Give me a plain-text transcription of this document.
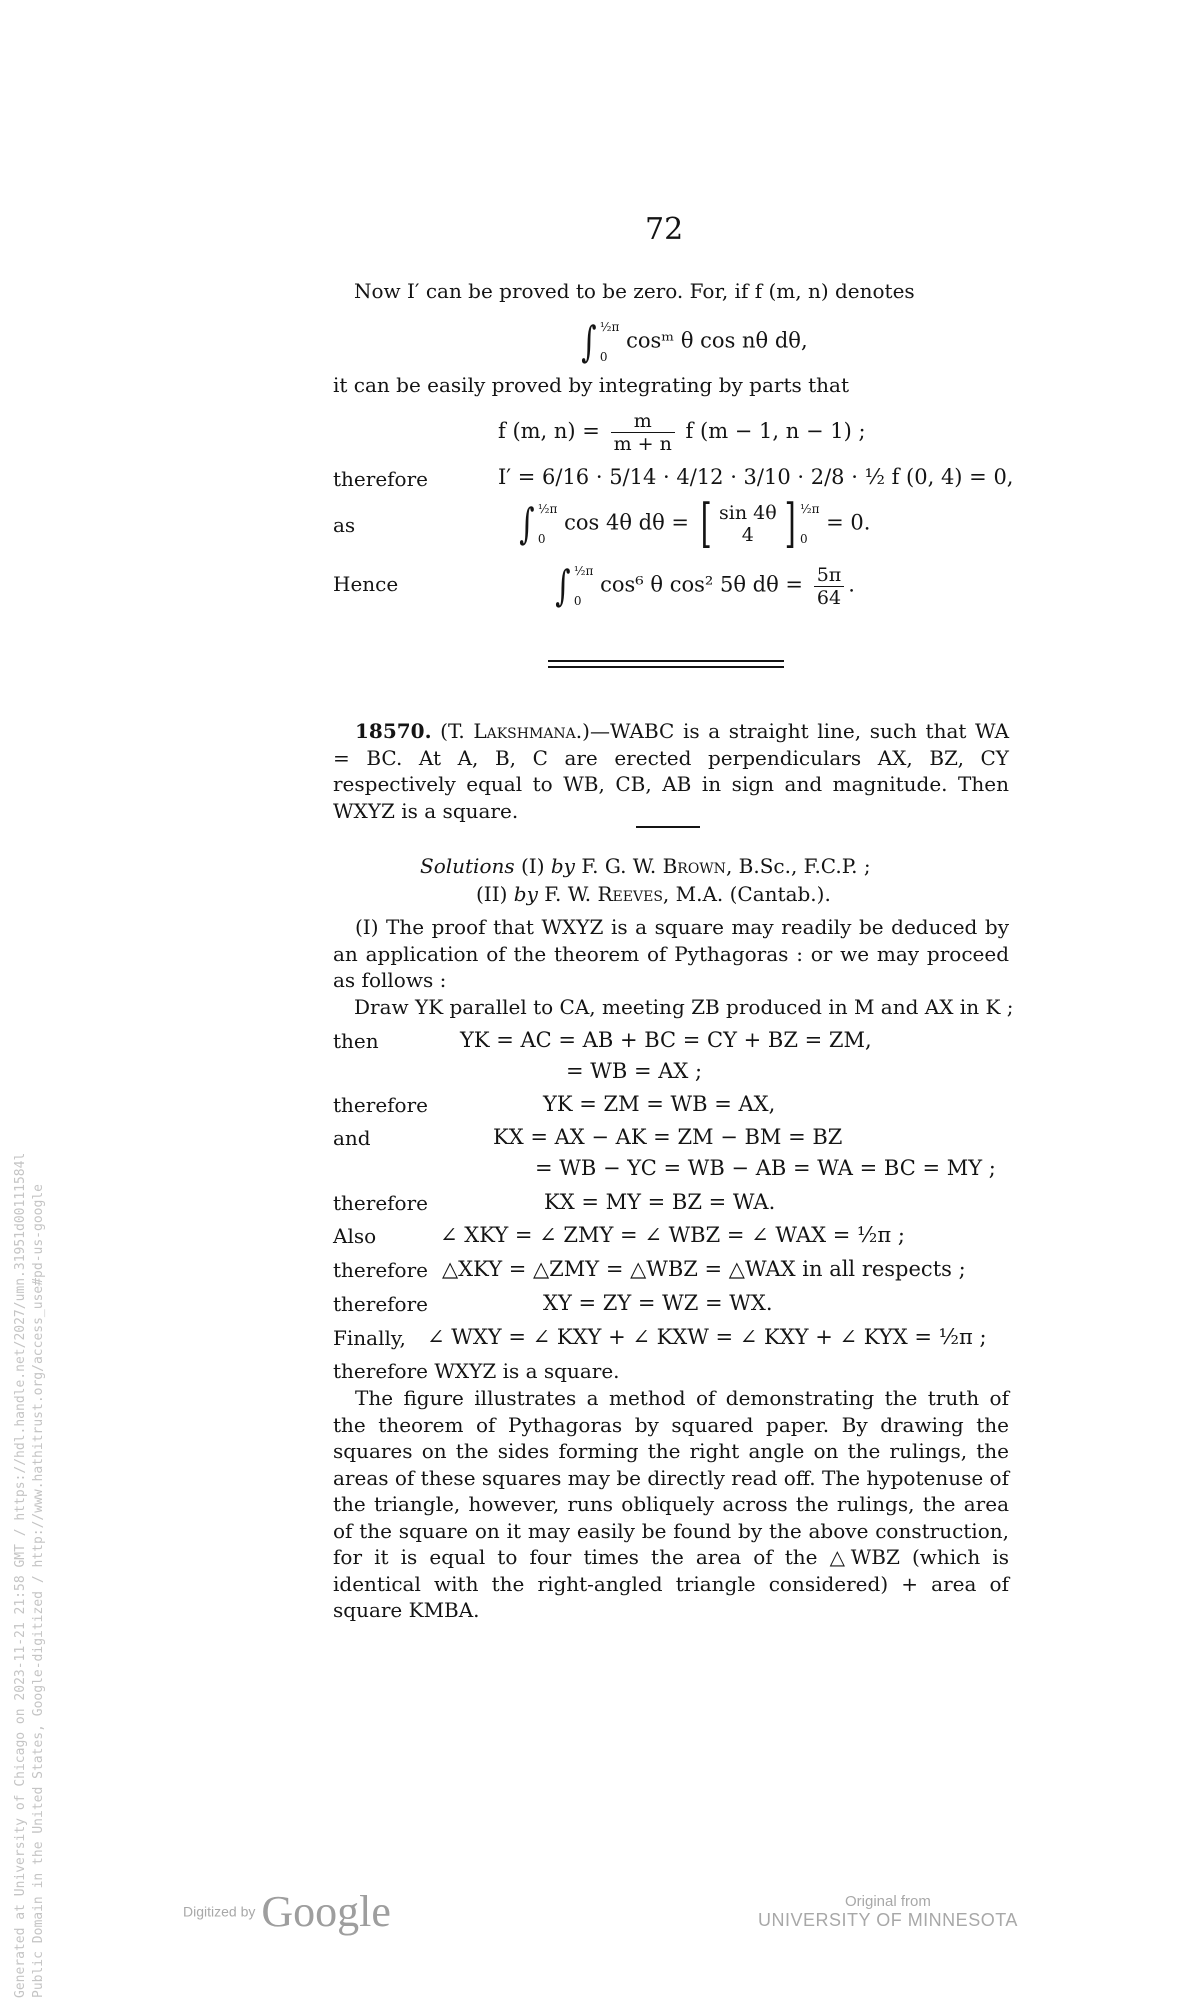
72
Now I′ can be proved to be zero. For, if f (m, n) denotes
∫ ½π
0
cosᵐ θ cos nθ dθ,
it can be easily proved by integrating by parts that
f (m, $n) = \frac{m}{m + n}$ f (m − 1, n − 1) ;
therefore	I′ = 6/16 · 5/14 · 4/12 · 3/10 · 2/8 · ½ f (0, 4) = 0,
as	∫ ½π
0
cos 4θ dθ = [ sin 4θ
4 ] ½π
0
= 0.
Hence	∫ ½π
0
cos⁶ θ cos² 5θ $d\theta = \frac{5\pi}{64}$ .
18570. (T. Lakshmana.)—WABC is a straight line, such that WA = BC. At A, B, C are erected perpendiculars AX, BZ, CY respectively equal to WB, CB, AB in sign and magnitude. Then WXYZ is a square.
Solutions (I) by F. G. W. Brown, B.Sc., F.C.P. ;
(II) by F. W. Reeves, M.A. (Cantab.).
(I) The proof that WXYZ is a square may readily be deduced by an application of the theorem of Pythagoras : or we may proceed as follows :
Draw YK parallel to CA, meeting ZB produced in M and AX in K ;
then	YK = AC = AB + BC = CY + BZ = ZM,
= WB = AX ;
therefore	YK = ZM = WB = AX,
and	KX = AX − AK = ZM − BM = BZ
= WB − YC = WB − AB = WA = BC = MY ;
therefore	KX = MY = BZ = WA.
Also	∠ XKY = ∠ ZMY = ∠ WBZ = ∠ WAX = ½π ;
therefore △XKY = △ZMY = △WBZ = △WAX in all respects ;
therefore	XY = ZY = WZ = WX.
Finally, ∠ WXY = ∠ KXY + ∠ KXW = ∠ KXY + ∠ KYX = ½π ;
therefore WXYZ is a square.
The figure illustrates a method of demonstrating the truth of the theorem of Pythagoras by squared paper. By drawing the squares on the sides forming the right angle on the rulings, the areas of these squares may be directly read off. The hypotenuse of the triangle, however, runs obliquely across the rulings, the area of the square on it may easily be found by the above construction, for it is equal to four times the area of the △WBZ (which is identical with the right-angled triangle considered) + area of square KMBA.
Generated at University of Chicago on 2023-11-21 21:58 GMT / https://hdl.handle.net/2027/umn.31951d00111584l Public Domain in the United States, Google-digitized / http://www.hathitrust.org/access_use#pd-us-google	Digitized by Google	Original from
UNIVERSITY OF MINNESOTA
